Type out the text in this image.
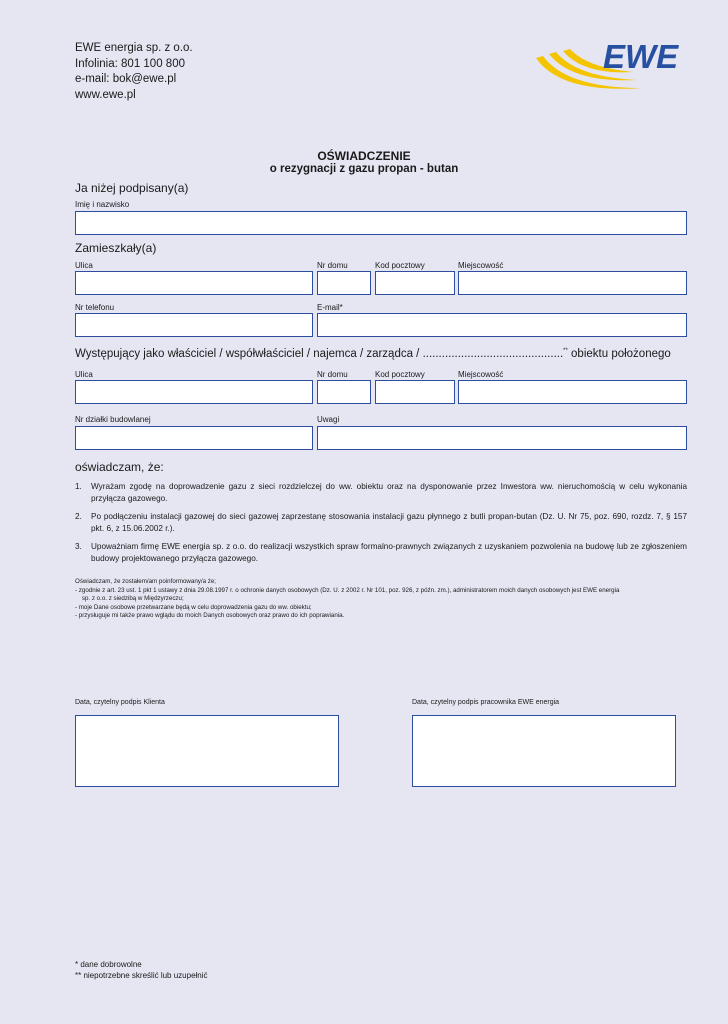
EWE energia sp. z o.o.
Infolinia: 801 100 800
e-mail: bok@ewe.pl
www.ewe.pl
EWE
OŚWIADCZENIE
o rezygnacji z gazu propan - butan
Ja niżej podpisany(a)
Imię i nazwisko
Zamieszkały(a)
Ulica	Nr domu	Kod pocztowy	Miejscowość
Nr telefonu	E-mail*
Występujący jako właściciel / współwłaściciel / najemca / zarządca / ............................................** obiektu położonego
Ulica	Nr domu	Kod pocztowy	Miejscowość
Nr działki budowlanej	Uwagi
oświadczam, że:
1. Wyrażam zgodę na doprowadzenie gazu z sieci rozdzielczej do ww. obiektu oraz na dysponowanie przez Inwestora ww. nieruchomością w celu wykonania przyłącza gazowego.
2. Po podłączeniu instalacji gazowej do sieci gazowej zaprzestanę stosowania instalacji gazu płynnego z butli propan-butan (Dz. U. Nr 75, poz. 690, rozdz. 7, § 157 pkt. 6, z 15.06.2002 r.).
3. Upoważniam firmę EWE energia sp. z o.o. do realizacji wszystkich spraw formalno-prawnych związanych z uzyskaniem pozwolenia na budowę lub ze zgłoszeniem budowy projektowanego przyłącza gazowego.
Oświadczam, że zostałem/am poinformowany/a że;
- zgodnie z art. 23 ust. 1 pkt 1 ustawy z dnia 29.08.1997 r. o ochronie danych osobowych (Dz. U. z 2002 r. Nr 101, poz. 926, z późn. zm.), administratorem moich danych osobowych jest EWE energia
sp. z o.o. z siedzibą w Międzyrzeczu;
- moje Dane osobowe przetwarzane będą w celu doprowadzenia gazu do ww. obiektu;
- przysługuje mi także prawo wglądu do moich Danych osobowych oraz prawo do ich poprawiania.
Data, czytelny podpis Klienta	Data, czytelny podpis pracownika EWE energia
* dane dobrowolne
** niepotrzebne skreślić lub uzupełnić
